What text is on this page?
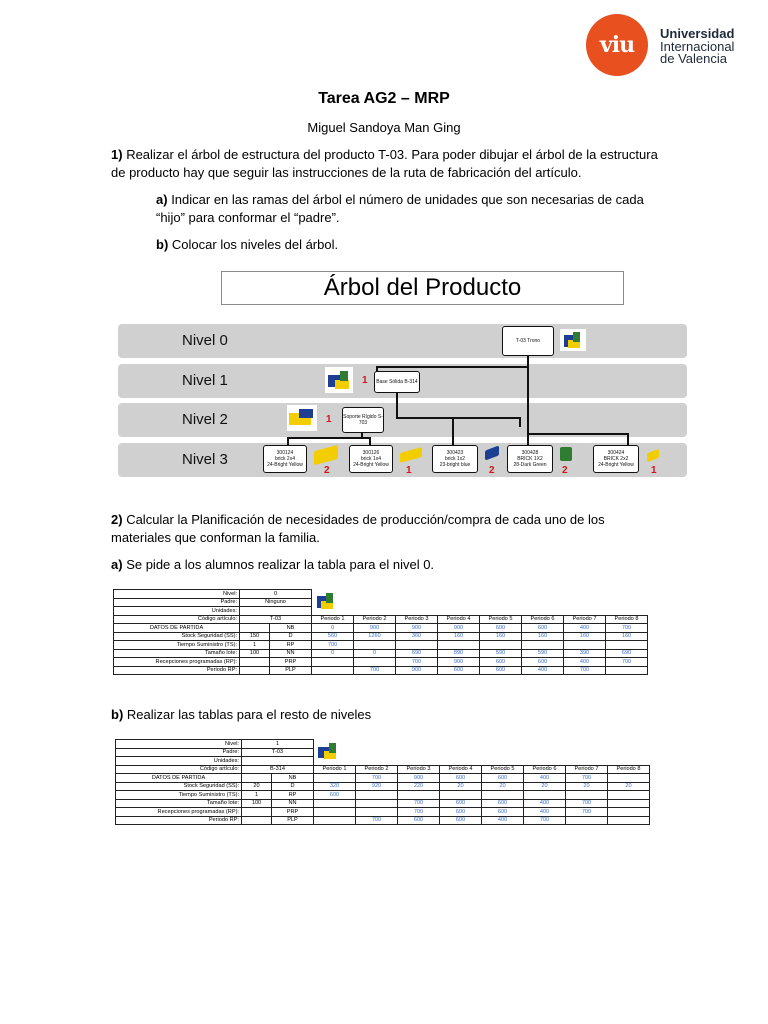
viu	Universidad
Internacional
de Valencia
Tarea AG2 – MRP
Miguel Sandoya Man Ging
1) Realizar el árbol de estructura del producto T-03. Para poder dibujar el árbol de la estructura de producto hay que seguir las instrucciones de la ruta de fabricación del artículo.
a) Indicar en las ramas del árbol el número de unidades que son necesarias de cada “hijo” para conformar el “padre”.
b) Colocar los niveles del árbol.
Árbol del Producto
Nivel 0
Nivel 1
Nivel 2
Nivel 3
T-03 Trono
Base Sólida B-314
1
Soporte Rígido S-703
1
300124
brick 2x4
24-Bright Yellow 2
300126
brick 1x4
24-Bright Yellow 1
300423
brick 1x2
23-bright blue 2
300428
BRICK 1X2
28-Dark Green 2
300424
BRICK 2x2
24-Bright Yellow 1
2) Calcular la Planificación de necesidades de producción/compra de cada uno de los materiales que conforman la familia.
a) Se pide a los alumnos realizar la tabla para el nivel 0.
Nivel:	0	

Padre:	Ninguno									
Unidades:										
Código artículo:	T-03		Periodo 1	Periodo 2	Periodo 3	Periodo 4	Periodo 5	Periodo 6	Periodo 7	Periodo 8
DATOS DE PARTIDA		NB	0	900	900	900	600	600	400	700
Stock Seguridad (SS):	150	D	560	1260	360	160	160	160	160	160
Tiempo Suministro (TS):	1	RP	700							
Tamaño lote:	100	NN	0	0	690	890	590	590	390	690
Recepciones programadas (RP):		PRP			700	900	600	600	400	700
Periodo RP:		PLP		700	900	600	600	400	700	
b) Realizar las tablas para el resto de niveles
Nivel:	1	

Padre:	T-03									
Unidades:										
Código artículo:	B-314		Periodo 1	Periodo 2	Periodo 3	Periodo 4	Periodo 5	Periodo 6	Periodo 7	Periodo 8
DATOS DE PARTIDA		NB		700	900	600	600	400	700	
Stock Seguridad (SS):	20	D	320	920	220	20	20	20	20	20
Tiempo Suministro (TS):	1	RP	600							
Tamaño lote:	100	NN			700	600	600	400	700	
Recepciones programadas (RP):		PRP			700	600	600	400	700	
Periodo RP:		PLP		700	600	600	400	700		
